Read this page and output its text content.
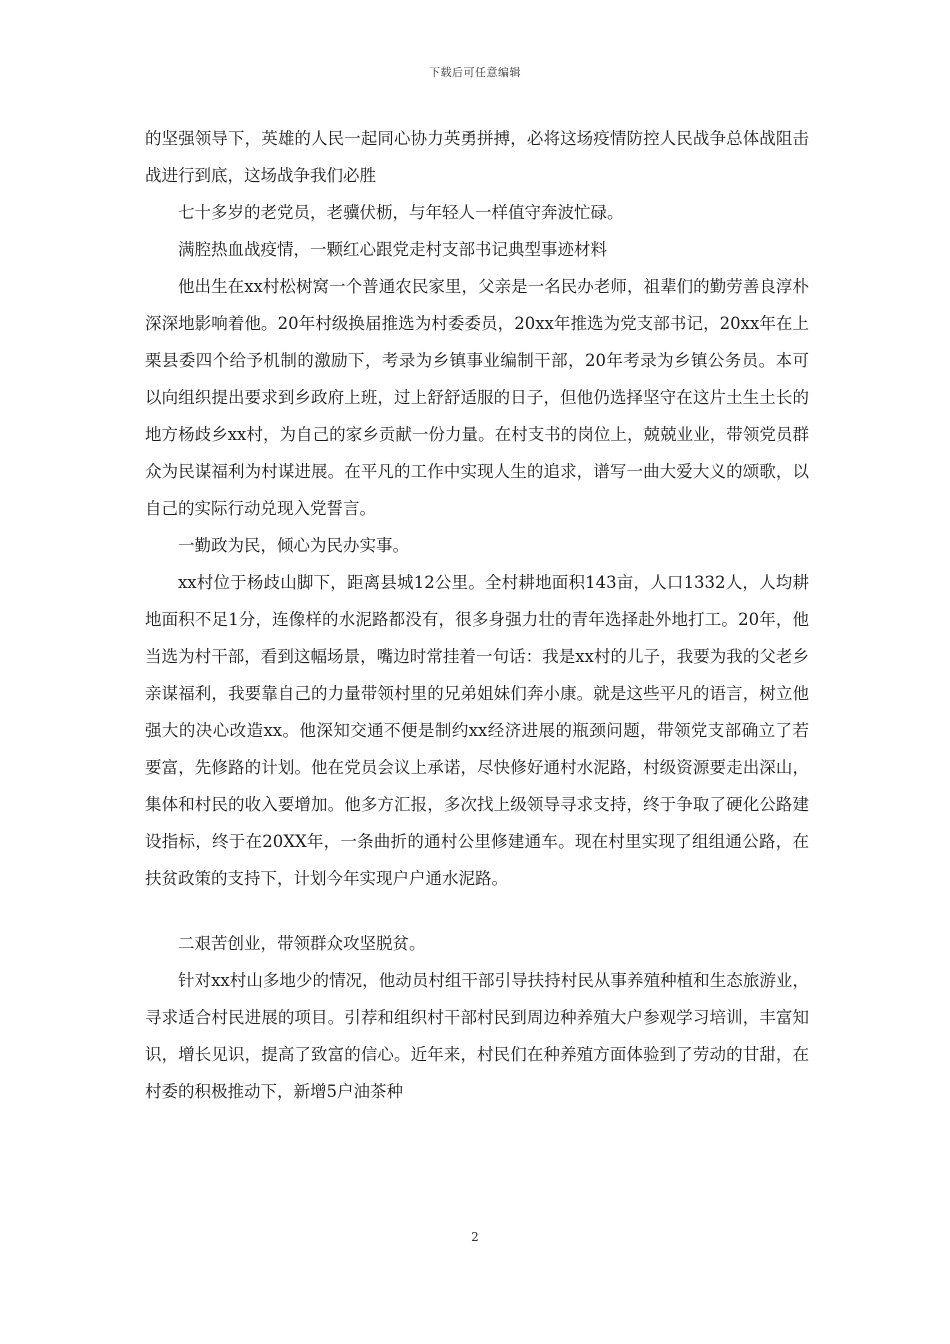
下载后可任意编辑

的坚强领导下，英雄的人民一起同心协力英勇拼搏，必将这场疫情防控人民战争总体战阻击战进行到底，这场战争我们必胜

七十多岁的老党员，老骥伏枥，与年轻人一样值守奔波忙碌。

满腔热血战疫情，一颗红心跟党走村支部书记典型事迹材料

他出生在xx村松树窝一个普通农民家里，父亲是一名民办老师，祖辈们的勤劳善良淳朴深深地影响着他。20年村级换届推选为村委委员，20xx年推选为党支部书记，20xx年在上栗县委四个给予机制的激励下，考录为乡镇事业编制干部，20年考录为乡镇公务员。本可以向组织提出要求到乡政府上班，过上舒舒适服的日子，但他仍选择坚守在这片土生土长的地方杨歧乡xx村，为自己的家乡贡献一份力量。在村支书的岗位上，兢兢业业，带领党员群众为民谋福利为村谋进展。在平凡的工作中实现人生的追求，谱写一曲大爱大义的颂歌，以自己的实际行动兑现入党誓言。

一勤政为民，倾心为民办实事。

xx村位于杨歧山脚下，距离县城12公里。全村耕地面积143亩，人口1332人，人均耕地面积不足1分，连像样的水泥路都没有，很多身强力壮的青年选择赴外地打工。20年，他当选为村干部，看到这幅场景，嘴边时常挂着一句话：我是xx村的儿子，我要为我的父老乡亲谋福利，我要靠自己的力量带领村里的兄弟姐妹们奔小康。就是这些平凡的语言，树立他强大的决心改造xx。他深知交通不便是制约xx经济进展的瓶颈问题，带领党支部确立了若要富，先修路的计划。他在党员会议上承诺，尽快修好通村水泥路，村级资源要走出深山，集体和村民的收入要增加。他多方汇报，多次找上级领导寻求支持，终于争取了硬化公路建设指标，终于在20XX年，一条曲折的通村公里修建通车。现在村里实现了组组通公路，在扶贫政策的支持下，计划今年实现户户通水泥路。

二艰苦创业，带领群众攻坚脱贫。

针对xx村山多地少的情况，他动员村组干部引导扶持村民从事养殖种植和生态旅游业，寻求适合村民进展的项目。引荐和组织村干部村民到周边种养殖大户参观学习培训，丰富知识，增长见识，提高了致富的信心。近年来，村民们在种养殖方面体验到了劳动的甘甜，在村委的积极推动下，新增5户油茶种

2
